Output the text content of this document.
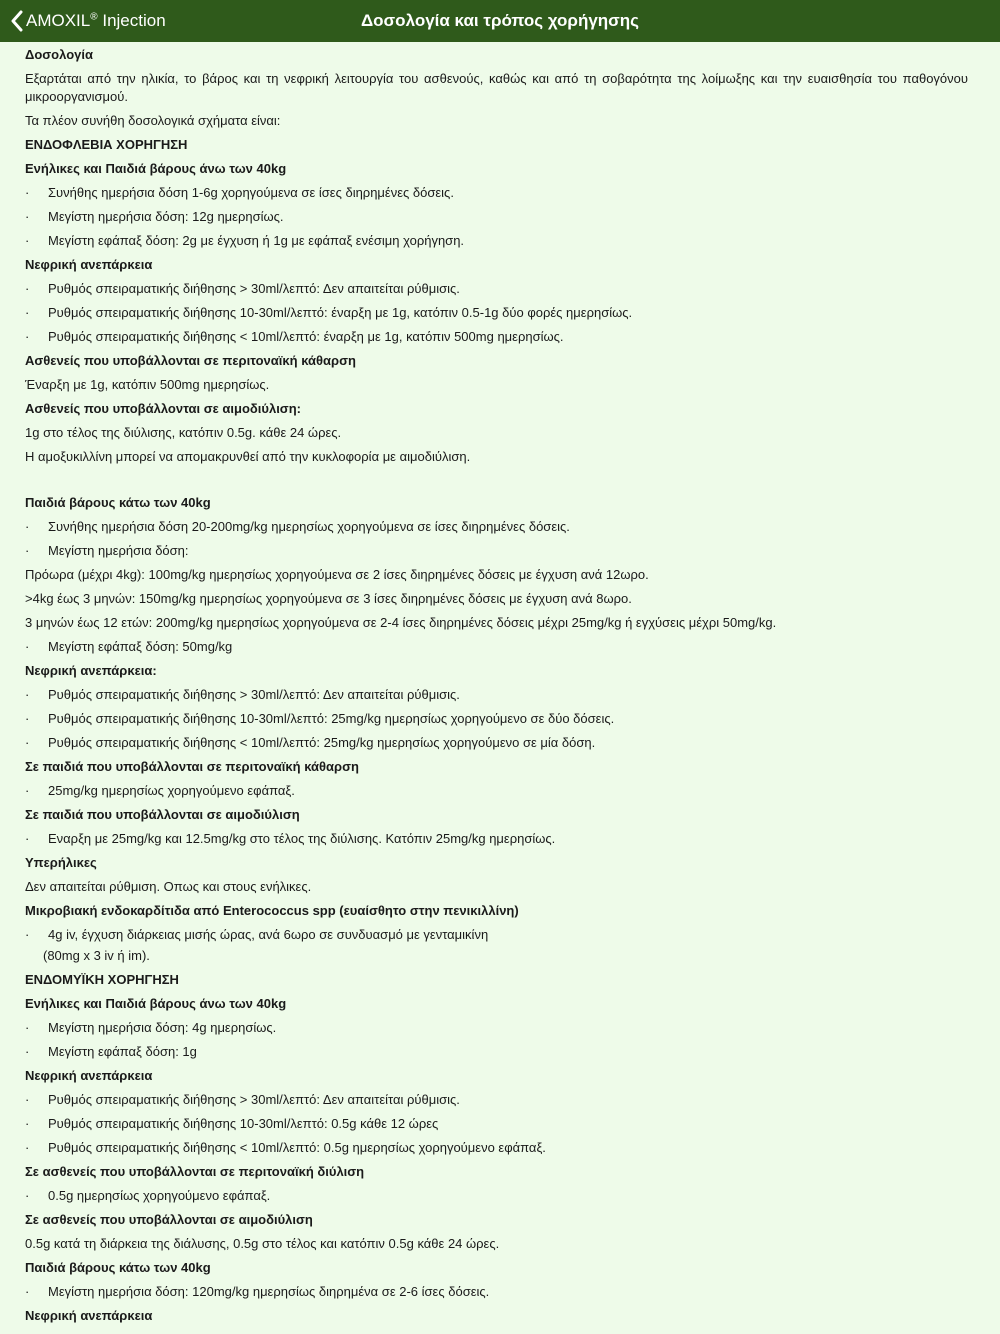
AMOXIL® Injection	Δοσολογία και τρόπος χορήγησης
Δοσολογία
Εξαρτάται από την ηλικία, το βάρος και τη νεφρική λειτουργία του ασθενούς, καθώς και από τη σοβαρότητα της λοίμωξης και την ευαισθησία του παθογόνου μικροοργανισμού.
Τα πλέον συνήθη δοσολογικά σχήματα είναι:
ΕΝΔΟΦΛΕΒΙΑ ΧΟΡΗΓΗΣΗ
Ενήλικες και Παιδιά βάρους άνω των 40kg
·	Συνήθης ημερήσια δόση 1-6g χορηγούμενα σε ίσες διηρημένες δόσεις.
·	Μεγίστη ημερήσια δόση: 12g ημερησίως.
·	Μεγίστη εφάπαξ δόση: 2g με έγχυση ή 1g με εφάπαξ ενέσιμη χορήγηση.
Νεφρική ανεπάρκεια
·	Ρυθμός σπειραματικής διήθησης > 30ml/λεπτό: Δεν απαιτείται ρύθμισις.
·	Ρυθμός σπειραματικής διήθησης 10-30ml/λεπτό: έναρξη με 1g, κατόπιν 0.5-1g δύο φορές ημερησίως.
·	Ρυθμός σπειραματικής διήθησης < 10ml/λεπτό: έναρξη με 1g, κατόπιν 500mg ημερησίως.
Ασθενείς που υποβάλλονται σε περιτοναϊκή κάθαρση
Έναρξη με 1g, κατόπιν 500mg ημερησίως.
Ασθενείς που υποβάλλονται σε αιμοδιύλιση:
1g στο τέλος της διύλισης, κατόπιν 0.5g. κάθε 24 ώρες.
Η αμοξυκιλλίνη μπορεί να απομακρυνθεί από την κυκλοφορία με αιμοδιύλιση.
Παιδιά βάρους κάτω των 40kg
·	Συνήθης ημερήσια δόση 20-200mg/kg ημερησίως χορηγούμενα σε ίσες διηρημένες δόσεις.
·	Μεγίστη ημερήσια δόση:
Πρόωρα (μέχρι 4kg): 100mg/kg ημερησίως χορηγούμενα σε 2 ίσες διηρημένες δόσεις με έγχυση ανά 12ωρο.
>4kg έως 3 μηνών: 150mg/kg ημερησίως χορηγούμενα σε 3 ίσες διηρημένες δόσεις με έγχυση ανά 8ωρο.
3 μηνών έως 12 ετών: 200mg/kg ημερησίως χορηγούμενα σε 2-4 ίσες διηρημένες δόσεις μέχρι 25mg/kg ή εγχύσεις μέχρι 50mg/kg.
·	Μεγίστη εφάπαξ δόση: 50mg/kg
Νεφρική ανεπάρκεια:
·	Ρυθμός σπειραματικής διήθησης > 30ml/λεπτό: Δεν απαιτείται ρύθμισις.
·	Ρυθμός σπειραματικής διήθησης 10-30ml/λεπτό: 25mg/kg ημερησίως χορηγούμενο σε δύο δόσεις.
·	Ρυθμός σπειραματικής διήθησης < 10ml/λεπτό: 25mg/kg ημερησίως χορηγούμενο σε μία δόση.
Σε παιδιά που υποβάλλονται σε περιτοναϊκή κάθαρση
·	25mg/kg ημερησίως χορηγούμενο εφάπαξ.
Σε παιδιά που υποβάλλονται σε αιμοδιύλιση
·	Εναρξη με 25mg/kg και 12.5mg/kg στο τέλος της διύλισης. Κατόπιν 25mg/kg ημερησίως.
Υπερήλικες
Δεν απαιτείται ρύθμιση. Οπως και στους ενήλικες.
Μικροβιακή ενδοκαρδίτιδα από Enterococcus spp (ευαίσθητο στην πενικιλλίνη)
·	4g iv, έγχυση διάρκειας μισής ώρας, ανά 6ωρο σε συνδυασμό με γενταμικίνη
(80mg x 3 iv ή im).
ΕΝΔΟΜΥΪΚΗ ΧΟΡΗΓΗΣΗ
Ενήλικες και Παιδιά βάρους άνω των 40kg
·	Μεγίστη ημερήσια δόση: 4g ημερησίως.
·	Μεγίστη εφάπαξ δόση: 1g
Νεφρική ανεπάρκεια
·	Ρυθμός σπειραματικής διήθησης > 30ml/λεπτό: Δεν απαιτείται ρύθμισις.
·	Ρυθμός σπειραματικής διήθησης 10-30ml/λεπτό: 0.5g κάθε 12 ώρες
·	Ρυθμός σπειραματικής διήθησης < 10ml/λεπτό: 0.5g ημερησίως χορηγούμενο εφάπαξ.
Σε ασθενείς που υποβάλλονται σε περιτοναϊκή διύλιση
·	0.5g ημερησίως χορηγούμενο εφάπαξ.
Σε ασθενείς που υποβάλλονται σε αιμοδιύλιση
0.5g κατά τη διάρκεια της διάλυσης, 0.5g στο τέλος και κατόπιν 0.5g κάθε 24 ώρες.
Παιδιά βάρους κάτω των 40kg
·	Μεγίστη ημερήσια δόση: 120mg/kg ημερησίως διηρημένα σε 2-6 ίσες δόσεις.
Νεφρική ανεπάρκεια
